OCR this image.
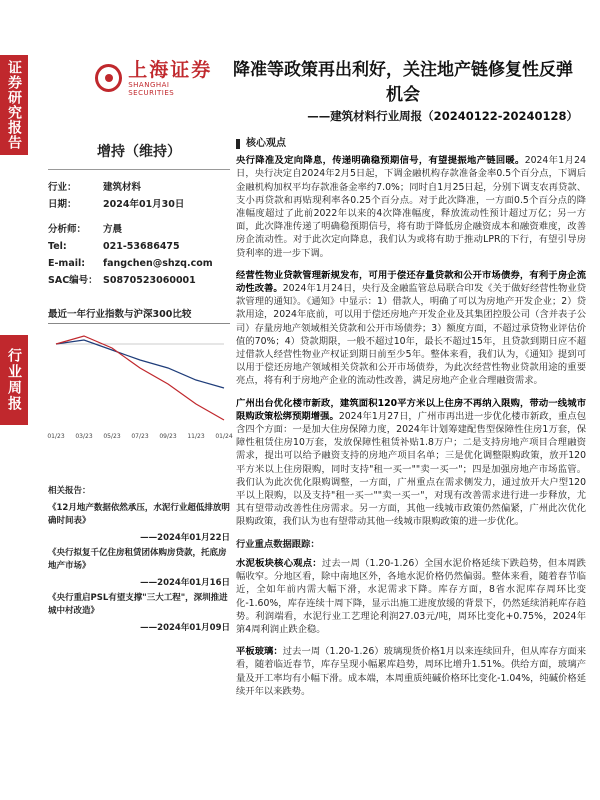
证券研究报告
行业周报
上海证券
SHANGHAI SECURITIES
降准等政策再出利好，关注地产链修复性反弹机会
——建筑材料行业周报（20240122-20240128）
增持（维持）
行业：	建筑材料
日期：	2024年01月30日
分析师：	方晨
Tel:	021-53686475
E-mail:	fangchen@shzq.com
SAC编号： S0870523060001
最近一年行业指数与沪深300比较
01/23 03/23 05/23 07/23 09/23 11/23 01/24
相关报告：
《12月地产数据依然承压，水泥行业超低排放明确时间表》
——2024年01月22日
《央行拟复千亿住房租赁团体购房贷款，托底房地产市场》
——2024年01月16日
《央行重启PSL有望支撑"三大工程"，深圳推进城中村改造》
——2024年01月09日
核心观点
央行降准及定向降息，传递明确稳预期信号，有望提振地产链回暖。2024年1月24日，央行决定自2024年2月5日起，下调金融机构存款准备金率0.5个百分点，下调后金融机构加权平均存款准备金率约7.0%；同时自1月25日起，分别下调支农再贷款、支小再贷款和再贴现利率各0.25个百分点。对于此次降准，一方面0.5个百分点的降准幅度超过了此前2022年以来的4次降准幅度，释放流动性预计超过万亿；另一方面，此次降准传递了明确稳预期信号，将有助于降低房企融资成本和融资难度，改善房企流动性。对于此次定向降息，我们认为或将有助于推动LPR的下行，有望引导房贷利率的进一步下调。
经营性物业贷款管理新规发布，可用于偿还存量贷款和公开市场债券，有利于房企流动性改善。2024年1月24日，央行及金融监管总局联合印发《关于做好经营性物业贷款管理的通知》。《通知》中显示：1）借款人，明确了可以为房地产开发企业；2）贷款用途，2024年底前，可以用于偿还房地产开发企业及其集团控股公司（含并表子公司）存量房地产领域相关贷款和公开市场债券；3）额度方面，不超过承贷物业评估价值的70%；4）贷款期限，一般不超过10年，最长不超过15年，且贷款到期日应不超过借款人经营性物业产权证到期日前至少5年。整体来看，我们认为，《通知》提到可以用于偿还房地产领域相关贷款和公开市场债券，为此次经营性物业贷款用途的重要亮点，将有利于房地产企业的流动性改善，满足房地产企业合理融资需求。
广州出台优化楼市新政，建筑面积120平方米以上住房不再纳入限购，带动一线城市限购政策松绑预期增强。2024年1月27日，广州市再出进一步优化楼市新政，重点包含四个方面：一是加大住房保障力度，2024年计划筹建配售型保障性住房1万套，保障性租赁住房10万套，发放保障性租赁补贴1.8万户；二是支持房地产项目合理融资需求，提出可以给予融资支持的房地产项目名单；三是优化调整限购政策，放开120平方米以上住房限购，同时支持"租一买一""卖一买一"；四是加强房地产市场监管。我们认为此次优化限购调整，一方面，广州重点在需求侧发力，通过放开大户型120平以上限购，以及支持"租一买一""卖一买一"，对现有改善需求进行进一步释放，尤其有望带动改善性住房需求。另一方面，其他一线城市政策仍然偏紧，广州此次优化限购政策，我们认为也有望带动其他一线城市限购政策的进一步优化。
行业重点数据跟踪：
水泥板块核心观点：过去一周（1.20-1.26）全国水泥价格延续下跌趋势，但本周跌幅收窄。分地区看，除中南地区外，各地水泥价格仍然偏弱。整体来看，随着春节临近，全如年前内需大幅下滑，水泥需求下降。库存方面，8省水泥库存周环比变化-1.60%，库存连续十周下降，显示出施工进度放缓的背景下，仍然延续消耗库存趋势。利润端看，水泥行业工艺理论利润27.03元/吨，周环比变化+0.75%，2024年第4周利润止跌企稳。
平板玻璃：过去一周（1.20-1.26）玻璃现货价格1月以来连续回升，但从库存方面来看，随着临近春节，库存呈现小幅累库趋势，周环比增升1.51%。供给方面，玻璃产量及开工率均有小幅下滑。成本端，本周重质纯碱价格环比变化-1.04%，纯碱价格延续开年以来跌势。
